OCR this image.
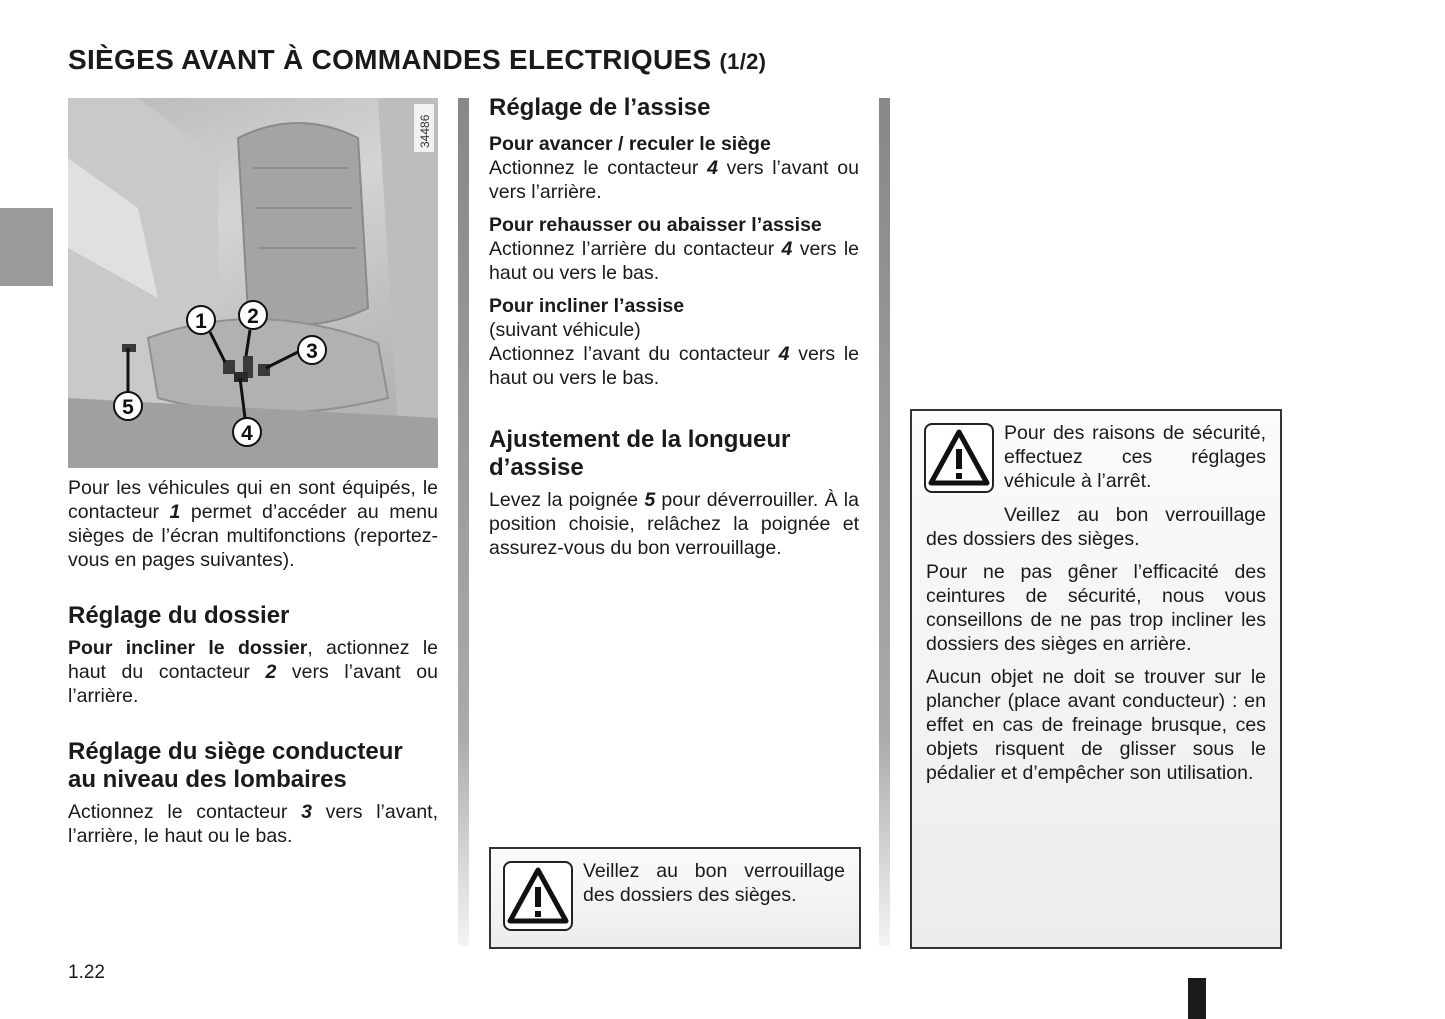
SIÈGES AVANT À COMMANDES ELECTRIQUES (1/2)
34486
1 2
3
4
5

Pour les véhicules qui en sont équipés, le contacteur 1 permet d’accéder au menu sièges de l’écran multifonctions (reportez-vous en pages suivantes).

Réglage du dossier

Pour incliner le dossier, actionnez le haut du contacteur 2 vers l’avant ou l’arrière.

Réglage du siège conducteur
au niveau des lombaires

Actionnez le contacteur 3 vers l’avant, l’arrière, le haut ou le bas.

Réglage de l’assise

Pour avancer / reculer le siège
Actionnez le contacteur 4 vers l’avant ou vers l’arrière.

Pour rehausser ou abaisser l’assise
Actionnez l’arrière du contacteur 4 vers le haut ou vers le bas.

Pour incliner l’assise
(suivant véhicule)
Actionnez l’avant du contacteur 4 vers le haut ou vers le bas.

Ajustement de la longueur
d’assise

Levez la poignée 5 pour déverrouiller. À la position choisie, relâchez la poignée et assurez-vous du bon verrouillage.

Veillez au bon verrouillage des dossiers des sièges.

Pour des raisons de sécurité, effectuez ces réglages véhicule à l’arrêt.

Veillez au bon verrouillage des dossiers des sièges.

Pour ne pas gêner l’efficacité des ceintures de sécurité, nous vous conseillons de ne pas trop incliner les dossiers des sièges en arrière.

Aucun objet ne doit se trouver sur le plancher (place avant conducteur) : en effet en cas de freinage brusque, ces objets risquent de glisser sous le pédalier et d’empêcher son utilisation.

1.22
